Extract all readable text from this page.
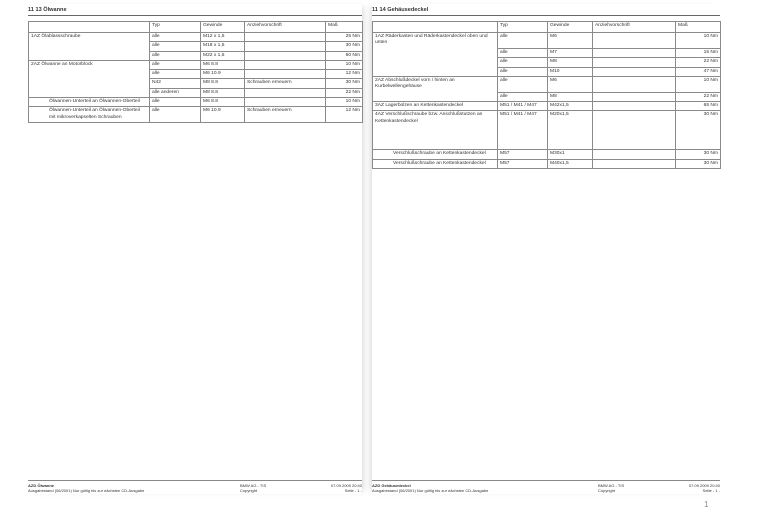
11 13 Ölwanne
	Typ	Gewinde	Anziehvorschrift	Maß
1AZ Ölablassschraube	alle	M12 x 1,5		25 Nm
	alle	M18 x 1,5		30 Nm
	alle	M22 x 1,5		60 Nm
2AZ Ölwanne an Motorblock	alle	M6 8.8		10 Nm
	alle	M6 10.9		12 Nm
	N42	M8 8.8	Schrauben erneuern	30 Nm
	alle anderen	M8 8.8		22 Nm
Ölwannen-Unterteil an Ölwannen-Oberteil	alle	M6 8.8		10 Nm
Ölwannen-Unterteil an Ölwannen-Oberteil mit mikroverkapselten Schrauben	alle	M6 10.9	Schrauben erneuern	12 Nm
AZD Ölwanne	BMW AG - TIS	07.09.2009 20:40
Ausgabestand (06/2001) Nur gültig bis zur nächsten CD-Ausgabe	Copyright	Seite - 1 -
11 14 Gehäusedeckel
	Typ	Gewinde	Anziehvorschrift	Maß
1AZ Räderkasten und Räderkastendeckel oben und unten	alle	M6		10 Nm
	alle	M7		15 Nm
	alle	M8		22 Nm
	alle	M10		47 Nm
2AZ Abschlußdeckel vorn / hinten an Kurbelwellengehäuse	alle	M6		10 Nm
	alle	M8		22 Nm
3AZ Lagerbolzen an Kettenkastendeckel	M51 / M41 / M47	M42x1,5		65 Nm
4AZ Verschlußschraube bzw. Anschlußstutzen an Kettenkastendeckel	M51 / M41 / M47	M20x1,5		30 Nm
Verschlußschraube an Kettenkastendeckel	M57	M30x1		30 Nm
Verschlußschraube an Kettenkastendeckel	M57	M40x1,5		30 Nm
AZD Gehäusedeckel	BMW AG - TIS	07.09.2009 20:40
Ausgabestand (06/2001) Nur gültig bis zur nächsten CD-Ausgabe	Copyright	Seite - 1 -
1
